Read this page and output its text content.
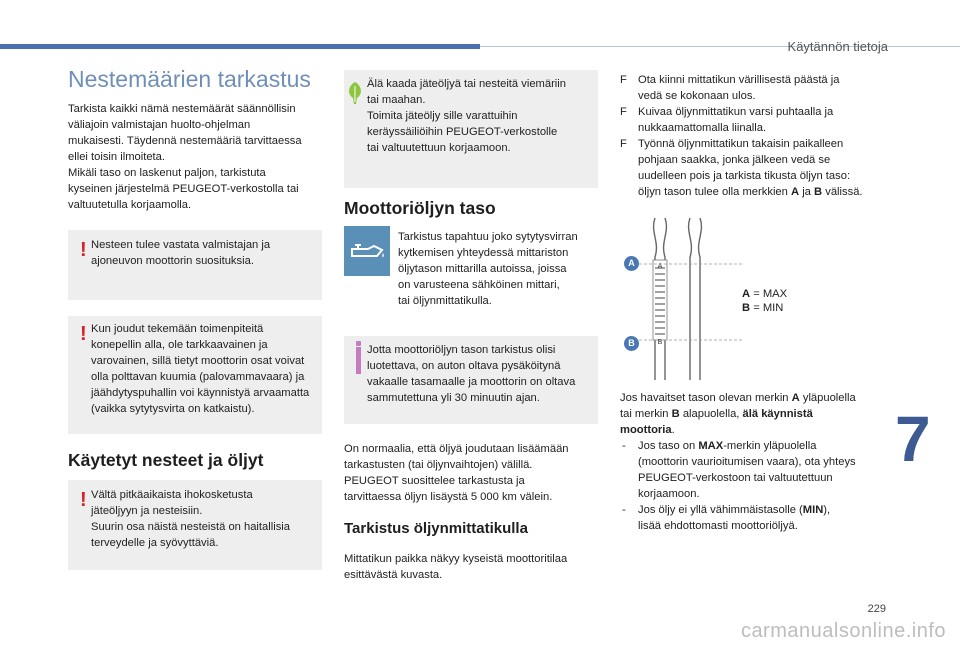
Käytännön tietoja
Nestemäärien tarkastus
Tarkista kaikki nämä nestemäärät säännöllisin
väliajoin valmistajan huolto-ohjelman
mukaisesti. Täydennä nestemääriä tarvittaessa
ellei toisin ilmoiteta.
Mikäli taso on laskenut paljon, tarkistuta
kyseinen järjestelmä PEUGEOT-verkostolla tai
valtuutetulla korjaamolla.
! Nesteen tulee vastata valmistajan ja
ajoneuvon moottorin suosituksia.
! Kun joudut tekemään toimenpiteitä
konepellin alla, ole tarkkaavainen ja
varovainen, sillä tietyt moottorin osat voivat
olla polttavan kuumia (palovammavaara) ja
jäähdytyspuhallin voi käynnistyä arvaamatta
(vaikka sytytysvirta on katkaistu).
Käytetyt nesteet ja öljyt
! Vältä pitkäaikaista ihokosketusta
jäteöljyyn ja nesteisiin.
Suurin osa näistä nesteistä on haitallisia
terveydelle ja syövyttäviä.
Älä kaada jäteöljyä tai nesteitä viemäriin
tai maahan.
Toimita jäteöljy sille varattuihin
keräyssäiliöihin PEUGEOT-verkostolle
tai valtuutettuun korjaamoon.
Moottoriöljyn taso
Tarkistus tapahtuu joko sytytysvirran
kytkemisen yhteydessä mittariston
öljytason mittarilla autoissa, joissa
on varusteena sähköinen mittari,
tai öljynmittatikulla.
Jotta moottoriöljyn tason tarkistus olisi
luotettava, on auton oltava pysäköitynä
vakaalle tasamaalle ja moottorin on oltava
sammutettuna yli 30 minuutin ajan.
On normaalia, että öljyä joudutaan lisäämään
tarkastusten (tai öljynvaihtojen) välillä.
PEUGEOT suosittelee tarkastusta ja
tarvittaessa öljyn lisäystä 5 000 km välein.
Tarkistus öljynmittatikulla
Mittatikun paikka näkyy kyseistä moottoritilaa
esittävästä kuvasta.
F Ota kiinni mittatikun värillisestä päästä ja
vedä se kokonaan ulos.
F Kuivaa öljynmittatikun varsi puhtaalla ja
nukkaamattomalla liinalla.
F Työnnä öljynmittatikun takaisin paikalleen
pohjaan saakka, jonka jälkeen vedä se
uudelleen pois ja tarkista tikusta öljyn taso:
öljyn tason tulee olla merkkien A ja B välissä.
A
B
A
B
A = MAX
B = MIN
Jos havaitset tason olevan merkin A yläpuolella
tai merkin B alapuolella, älä käynnistä
moottoria.
- Jos taso on MAX-merkin yläpuolella
(moottorin vaurioitumisen vaara), ota yhteys
PEUGEOT-verkostoon tai valtuutettuun
korjaamoon.
- Jos öljy ei yllä vähimmäistasolle (MIN),
lisää ehdottomasti moottoriöljyä.
7
229
carmanualsonline.info
